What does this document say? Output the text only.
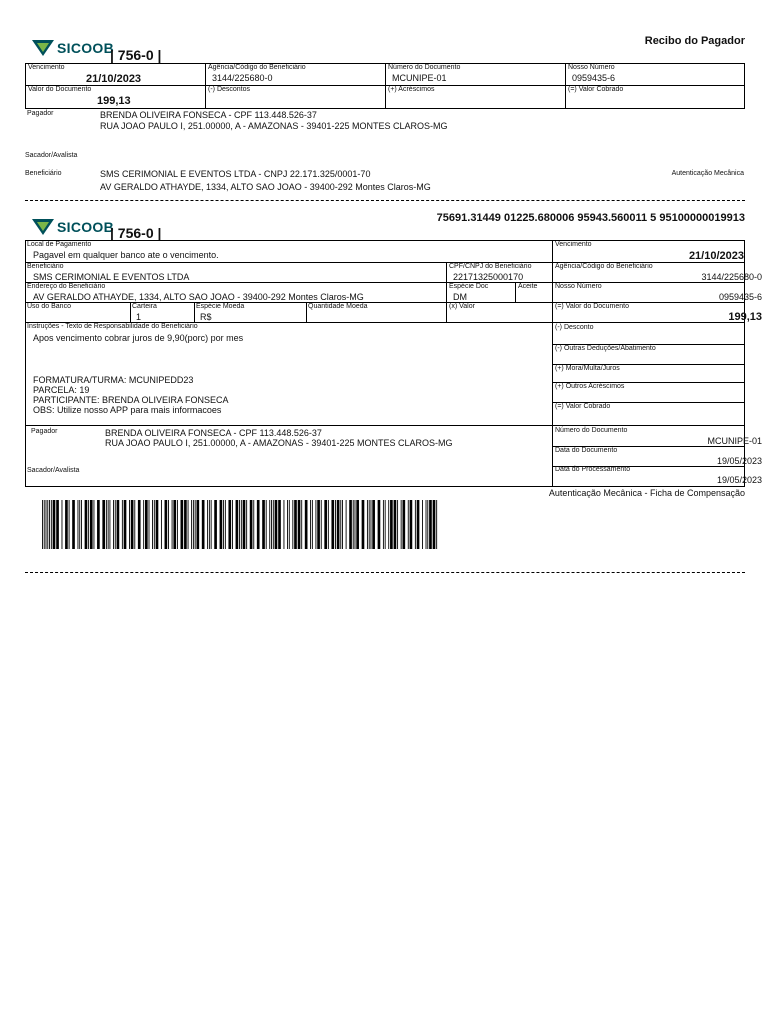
SICOOB
| 756-0 |
Recibo do Pagador
Vencimento
21/10/2023
Agência/Código do Beneficiário
3144/225680-0
Número do Documento
MCUNIPE-01
Nosso Número
0959435-6
Valor do Documento
199,13
(-) Descontos	(+) Acréscimos	(=) Valor Cobrado
Pagador	BRENDA OLIVEIRA FONSECA - CPF 113.448.526-37
RUA JOAO PAULO I, 251.00000, A - AMAZONAS - 39401-225 MONTES CLAROS-MG
Sacador/Avalista
Beneficiário	SMS CERIMONIAL E EVENTOS LTDA - CNPJ 22.171.325/0001-70
AV GERALDO ATHAYDE, 1334, ALTO SAO JOAO - 39400-292 Montes Claros-MG
Autenticação Mecânica
SICOOB
| 756-0 |
75691.31449 01225.680006 95943.560011 5 95100000019913
Local de Pagamento
Pagavel em qualquer banco ate o vencimento.
Vencimento
21/10/2023
Beneficiário
SMS CERIMONIAL E EVENTOS LTDA
CPF/CNPJ do Beneficiário
22171325000170
Agência/Código do Beneficiário
3144/225680-0
Endereço do Beneficiário
AV GERALDO ATHAYDE, 1334, ALTO SAO JOAO - 39400-292 Montes Claros-MG
Espécie Doc
DM
Aceite	Nosso Número
0959435-6
Uso do Banco	Carteira
1
Espécie Moeda
R$
Quantidade Moeda	(x) Valor	(=) Valor do Documento
199,13
Instruções - Texto de Responsabilidade do Beneficiário
Apos vencimento cobrar juros de 9,90(porc) por mes
FORMATURA/TURMA: MCUNIPEDD23
PARCELA: 19
PARTICIPANTE: BRENDA OLIVEIRA FONSECA
OBS: Utilize nosso APP para mais informacoes
(-) Desconto
(-) Outras Deduções/Abatimento
(+) Mora/Multa/Juros
(+) Outros Acréscimos
(=) Valor Cobrado
Pagador	BRENDA OLIVEIRA FONSECA - CPF 113.448.526-37
RUA JOAO PAULO I, 251.00000, A - AMAZONAS - 39401-225 MONTES CLAROS-MG
Sacador/Avalista
Número do Documento
MCUNIPE-01
Data do Documento
19/05/2023
Data do Processamento
19/05/2023
Autenticação Mecânica - Ficha de Compensação
